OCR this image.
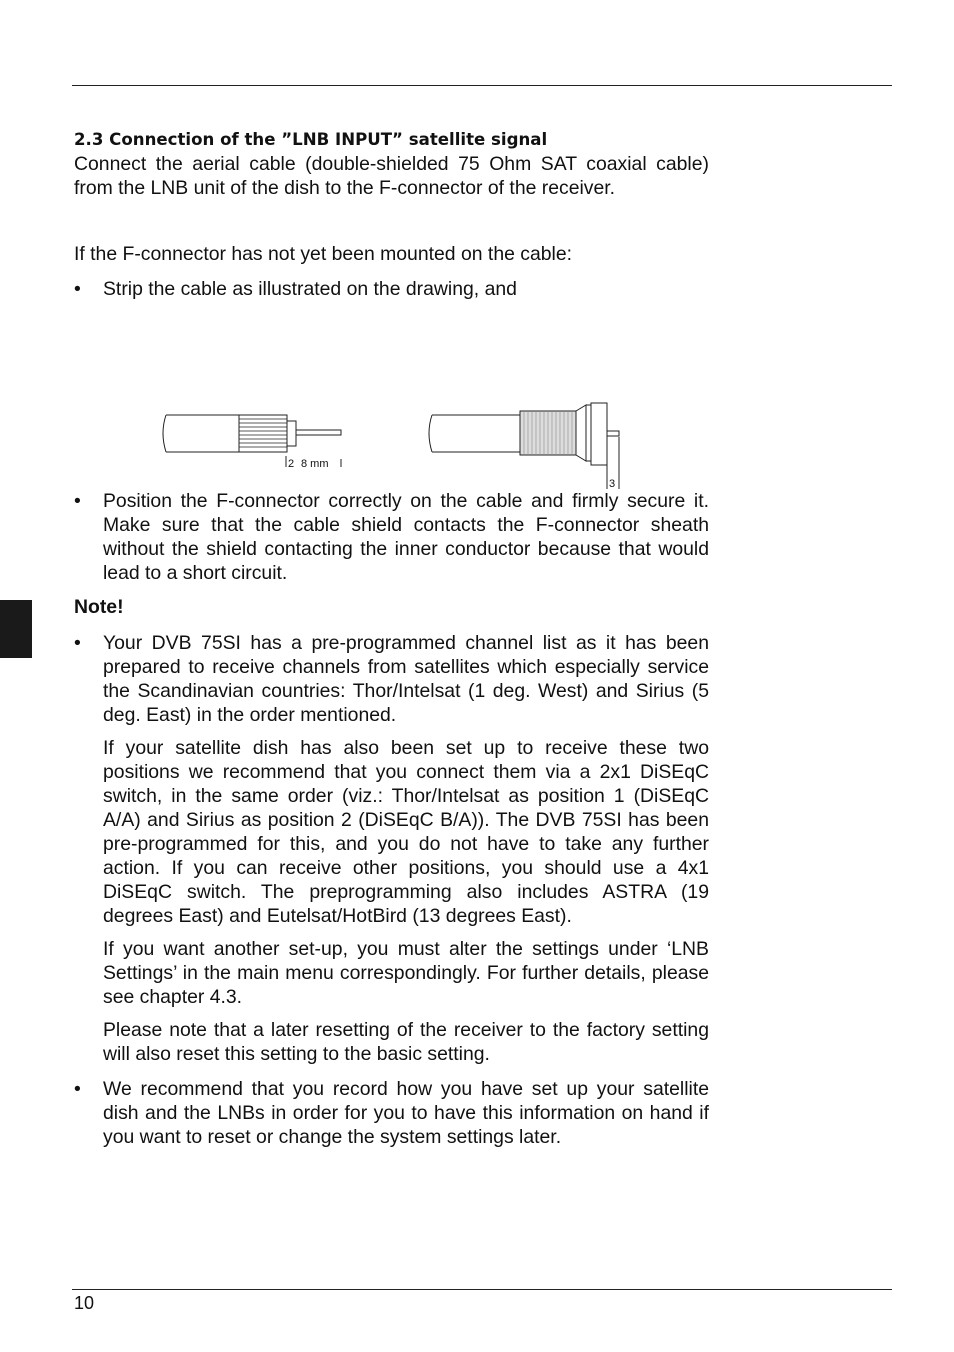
2.3 Connection of the ”LNB INPUT” satellite signal

Connect the aerial cable (double-shielded 75 Ohm SAT coaxial cable) from the LNB unit of the dish to the F-connector of the receiver.

If the F-connector has not yet been mounted on the cable:

• Strip the cable as illustrated on the drawing, and
• Position the F-connector correctly on the cable and firmly secure it. Make sure that the cable shield contacts the F-connector sheath without the shield contacting the inner conductor because that would lead to a short circuit.

Note!

• Your DVB 75SI has a pre-programmed channel list as it has been prepared to receive channels from satellites which especially service the Scandinavian countries: Thor/Intelsat (1 deg. West) and Sirius (5 deg. East) in the order mentioned.

If your satellite dish has also been set up to receive these two positions we recommend that you connect them via a 2x1 DiSEqC switch, in the same order (viz.: Thor/Intelsat as position 1 (DiSEqC A/A) and Sirius as position 2 (DiSEqC B/A)). The DVB 75SI has been pre-programmed for this, and you do not have to take any further action. If you can receive other positions, you should use a 4x1 DiSEqC switch. The preprogramming also includes ASTRA (19 degrees East) and Eutelsat/HotBird (13 degrees East).

If you want another set-up, you must alter the settings under ‘LNB Settings’ in the main menu correspondingly. For further details, please see chapter 4.3.

Please note that a later resetting of the receiver to the factory setting will also reset this setting to the basic setting.

• We recommend that you record how you have set up your satellite dish and the LNBs in order for you to have this information on hand if you want to reset or change the system settings later.
2 8 mm
3
10
